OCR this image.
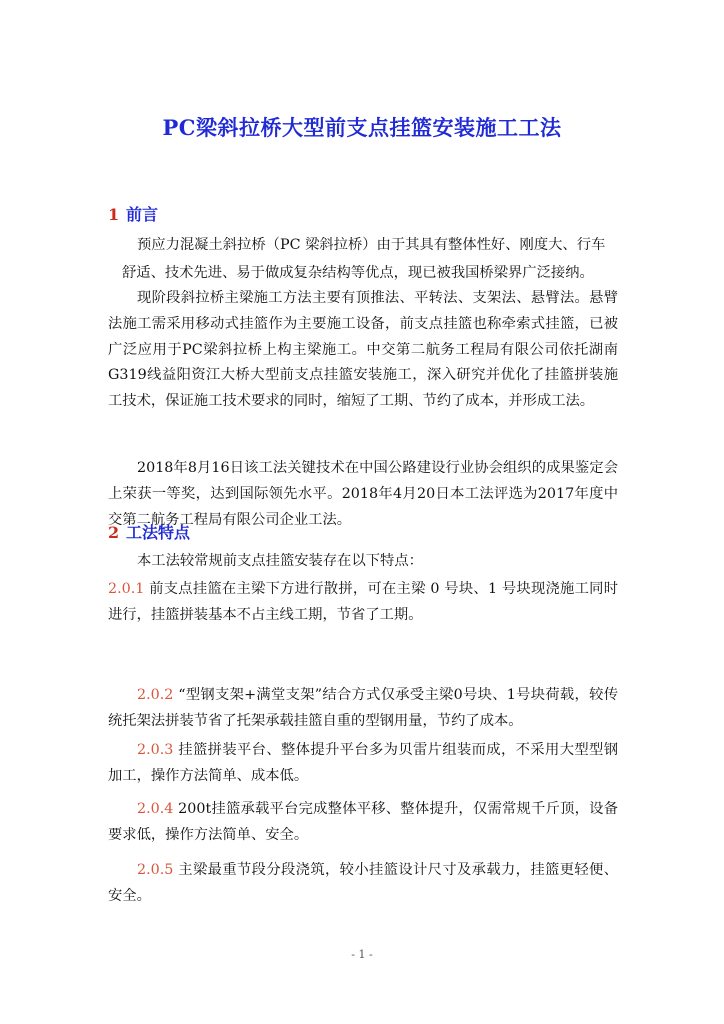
PC梁斜拉桥大型前支点挂篮安装施工工法
1 前言
预应力混凝土斜拉桥（PC 梁斜拉桥）由于其具有整体性好、刚度大、行车
舒适、技术先进、易于做成复杂结构等优点，现已被我国桥梁界广泛接纳。
现阶段斜拉桥主梁施工方法主要有顶推法、平转法、支架法、悬臂法。悬臂法施工需采用移动式挂篮作为主要施工设备，前支点挂篮也称牵索式挂篮，已被广泛应用于PC梁斜拉桥上构主梁施工。中交第二航务工程局有限公司依托湖南G319线益阳资江大桥大型前支点挂篮安装施工，深入研究并优化了挂篮拼装施工技术，保证施工技术要求的同时，缩短了工期、节约了成本，并形成工法。
2018年8月16日该工法关键技术在中国公路建设行业协会组织的成果鉴定会上荣获一等奖，达到国际领先水平。2018年4月20日本工法评选为2017年度中交第二航务工程局有限公司企业工法。
2 工法特点
本工法较常规前支点挂篮安装存在以下特点：
2.0.1 前支点挂篮在主梁下方进行散拼，可在主梁 0 号块、1 号块现浇施工同时进行，挂篮拼装基本不占主线工期，节省了工期。
2.0.2 “型钢支架+满堂支架”结合方式仅承受主梁0号块、1号块荷载，较传统托架法拼装节省了托架承载挂篮自重的型钢用量，节约了成本。
2.0.3 挂篮拼装平台、整体提升平台多为贝雷片组装而成，不采用大型型钢加工，操作方法简单、成本低。
2.0.4 200t挂篮承载平台完成整体平移、整体提升，仅需常规千斤顶，设备要求低，操作方法简单、安全。
2.0.5 主梁最重节段分段浇筑，较小挂篮设计尺寸及承载力，挂篮更轻便、安全。
- 1 -
